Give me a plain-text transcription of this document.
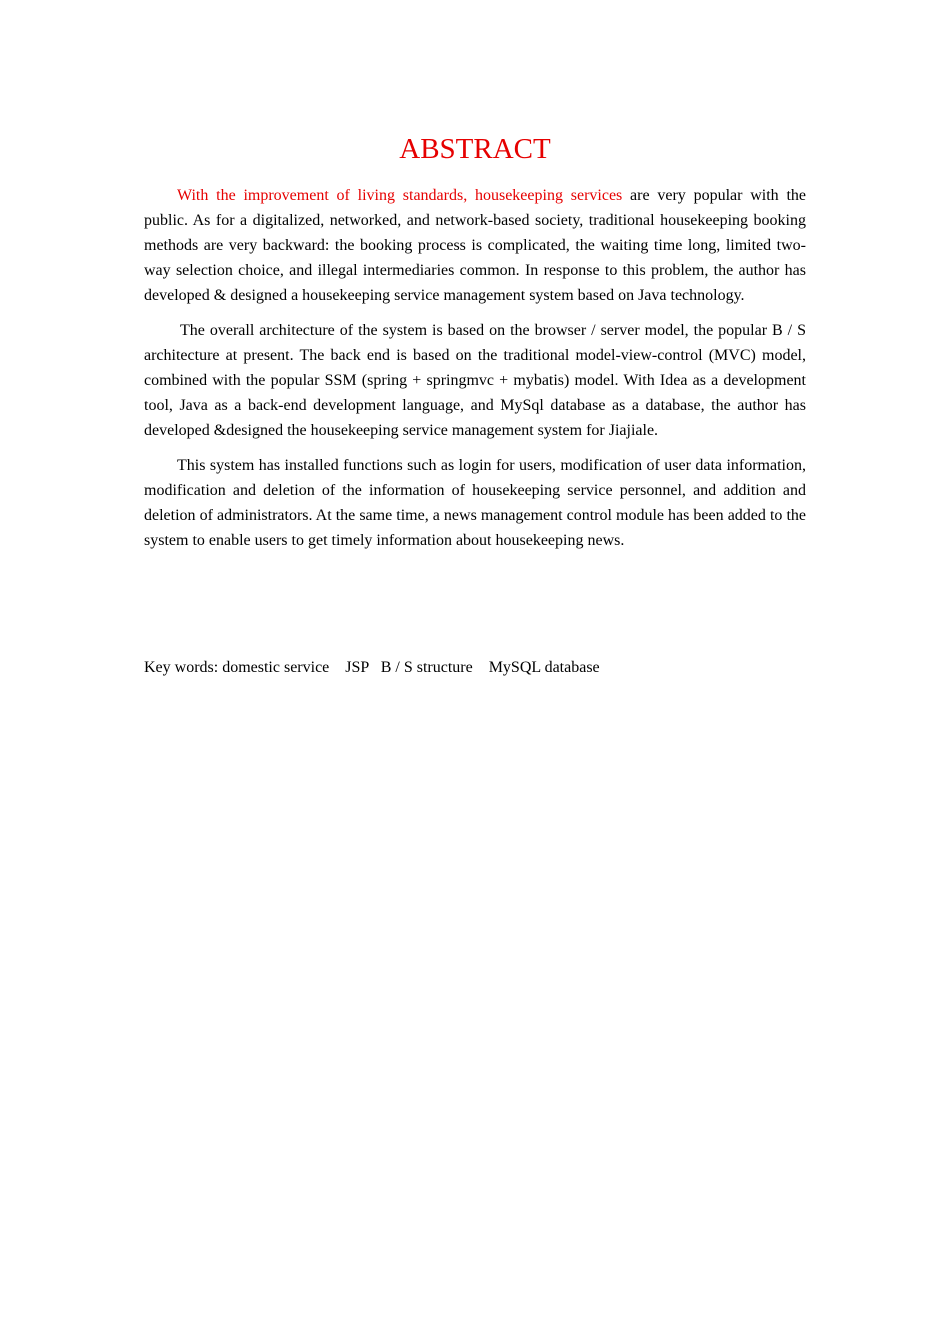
ABSTRACT

With the improvement of living standards, housekeeping services are very popular with the public. As for a digitalized, networked, and network-based society, traditional housekeeping booking methods are very backward: the booking process is complicated, the waiting time long, limited two-way selection choice, and illegal intermediaries common. In response to this problem, the author has developed & designed a housekeeping service management system based on Java technology.

The overall architecture of the system is based on the browser / server model, the popular B / S architecture at present. The back end is based on the traditional model-view-control (MVC) model, combined with the popular SSM (spring + springmvc + mybatis) model. With Idea as a development tool, Java as a back-end development language, and MySql database as a database, the author has developed &designed the housekeeping service management system for Jiajiale.

This system has installed functions such as login for users, modification of user data information, modification and deletion of the information of housekeeping service personnel, and addition and deletion of administrators. At the same time, a news management control module has been added to the system to enable users to get timely information about housekeeping news.

Key words: domestic service    JSP   B / S structure    MySQL database
